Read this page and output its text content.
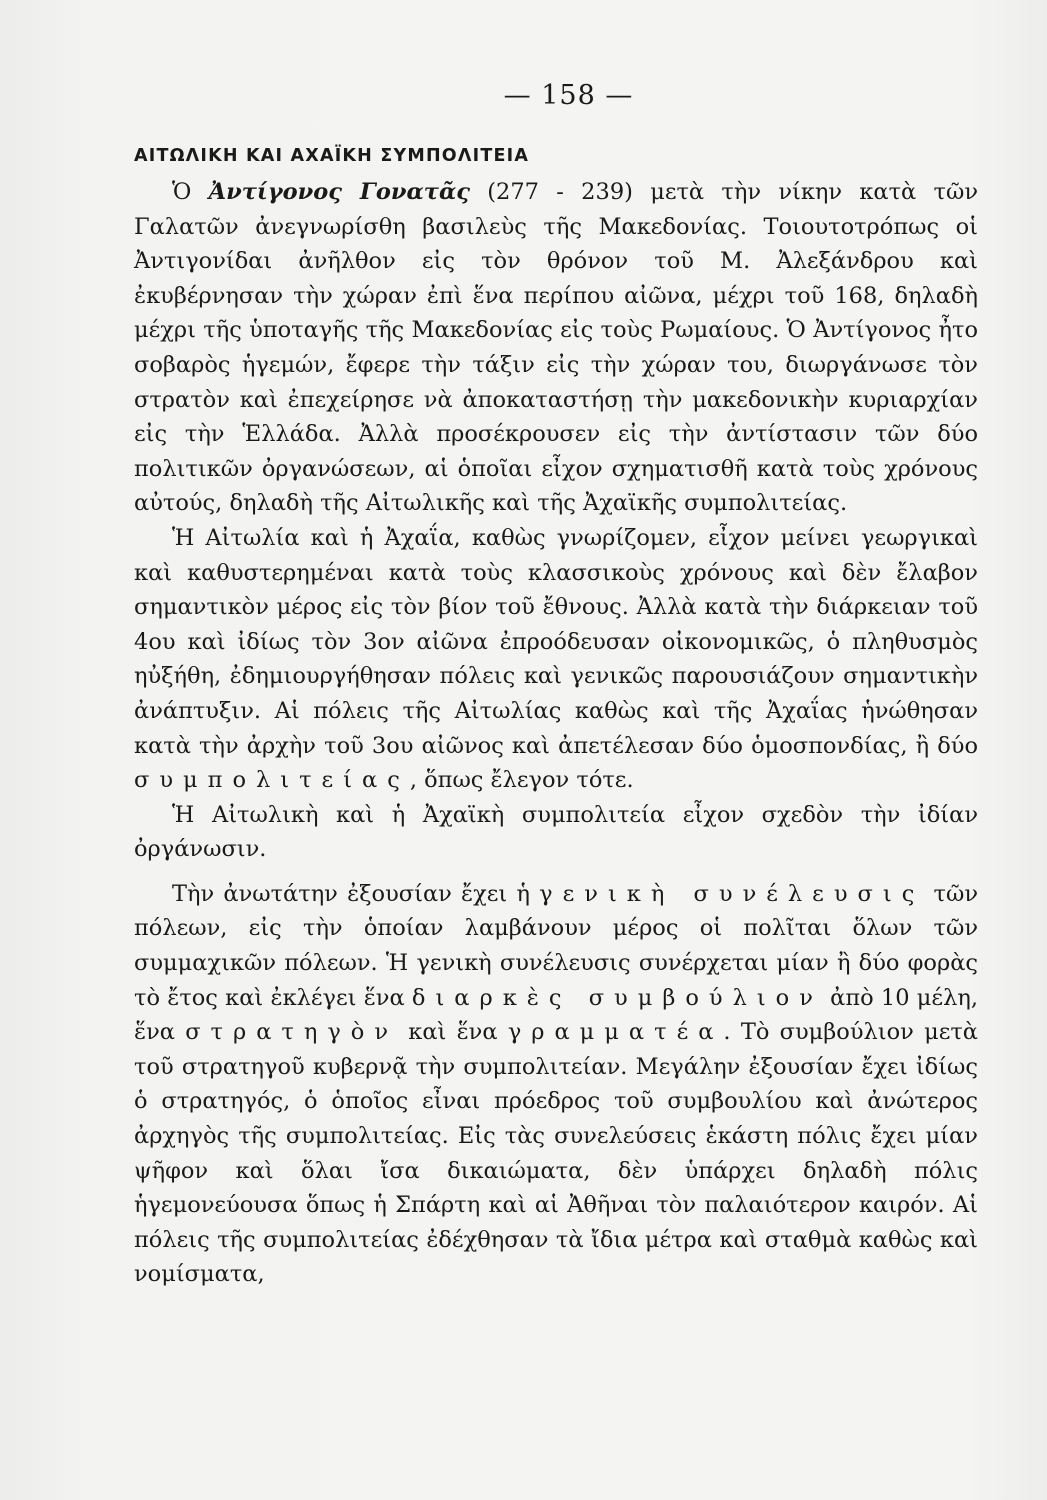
— 158 —
ΑΙΤΩΛΙΚΗ ΚΑΙ ΑΧΑΪΚΗ ΣΥΜΠΟΛΙΤΕΙΑ

Ὁ Ἀντίγονος Γονατᾶς (277 - 239) μετὰ τὴν νίκην κατὰ τῶν Γαλατῶν ἀνεγνωρίσθη βασιλεὺς τῆς Μακεδονίας. Τοιουτοτρόπως οἱ Ἀντιγονίδαι ἀνῆλθον εἰς τὸν θρόνον τοῦ Μ. Ἀλεξάνδρου καὶ ἐκυβέρνησαν τὴν χώραν ἐπὶ ἕνα περίπου αἰῶνα, μέχρι τοῦ 168, δηλαδὴ μέχρι τῆς ὑποταγῆς τῆς Μακεδονίας εἰς τοὺς Ρωμαίους. Ὁ Ἀντίγονος ἦτο σοβαρὸς ἡγεμών, ἔφερε τὴν τάξιν εἰς τὴν χώραν του, διωργάνωσε τὸν στρατὸν καὶ ἐπεχείρησε νὰ ἀποκαταστήσῃ τὴν μακεδονικὴν κυριαρχίαν εἰς τὴν Ἑλλάδα. Ἀλλὰ προσέκρουσεν εἰς τὴν ἀντίστασιν τῶν δύο πολιτικῶν ὀργανώσεων, αἱ ὁποῖαι εἶχον σχηματισθῆ κατὰ τοὺς χρόνους αὐτούς, δηλαδὴ τῆς Αἰτωλικῆς καὶ τῆς Ἀχαϊκῆς συμπολιτείας.

Ἡ Αἰτωλία καὶ ἡ Ἀχαΐα, καθὼς γνωρίζομεν, εἶχον μείνει γεωργικαὶ καὶ καθυστερημέναι κατὰ τοὺς κλασσικοὺς χρόνους καὶ δὲν ἔλαβον σημαντικὸν μέρος εἰς τὸν βίον τοῦ ἔθνους. Ἀλλὰ κατὰ τὴν διάρκειαν τοῦ 4ου καὶ ἰδίως τὸν 3ον αἰῶνα ἐπροόδευσαν οἰκονομικῶς, ὁ πληθυσμὸς ηὐξήθη, ἐδημιουργήθησαν πόλεις καὶ γενικῶς παρουσιάζουν σημαντικὴν ἀνάπτυξιν. Αἱ πόλεις τῆς Αἰτωλίας καθὼς καὶ τῆς Ἀχαΐας ἡνώθησαν κατὰ τὴν ἀρχὴν τοῦ 3ου αἰῶνος καὶ ἀπετέλεσαν δύο ὁμοσπονδίας, ἢ δύο συμπολιτείας, ὅπως ἔλεγον τότε.

Ἡ Αἰτωλικὴ καὶ ἡ Ἀχαϊκὴ συμπολιτεία εἶχον σχεδὸν τὴν ἰδίαν ὀργάνωσιν.

Τὴν ἀνωτάτην ἐξουσίαν ἔχει ἡ γενικὴ συνέλευσις τῶν πόλεων, εἰς τὴν ὁποίαν λαμβάνουν μέρος οἱ πολῖται ὅλων τῶν συμμαχικῶν πόλεων. Ἡ γενικὴ συνέλευσις συνέρχεται μίαν ἢ δύο φορὰς τὸ ἔτος καὶ ἐκλέγει ἕνα διαρκὲς συμβούλιον ἀπὸ 10 μέλη, ἕνα στρατηγὸν καὶ ἕνα γραμματέα. Τὸ συμβούλιον μετὰ τοῦ στρατηγοῦ κυβερνᾷ τὴν συμπολιτείαν. Μεγάλην ἐξουσίαν ἔχει ἰδίως ὁ στρατηγός, ὁ ὁποῖος εἶναι πρόεδρος τοῦ συμβουλίου καὶ ἀνώτερος ἀρχηγὸς τῆς συμπολιτείας. Εἰς τὰς συνελεύσεις ἑκάστη πόλις ἔχει μίαν ψῆφον καὶ ὅλαι ἴσα δικαιώματα, δὲν ὑπάρχει δηλαδὴ πόλις ἡγεμονεύουσα ὅπως ἡ Σπάρτη καὶ αἱ Ἀθῆναι τὸν παλαιότερον καιρόν. Αἱ πόλεις τῆς συμπολιτείας ἐδέχθησαν τὰ ἴδια μέτρα καὶ σταθμὰ καθὼς καὶ νομίσματα,
